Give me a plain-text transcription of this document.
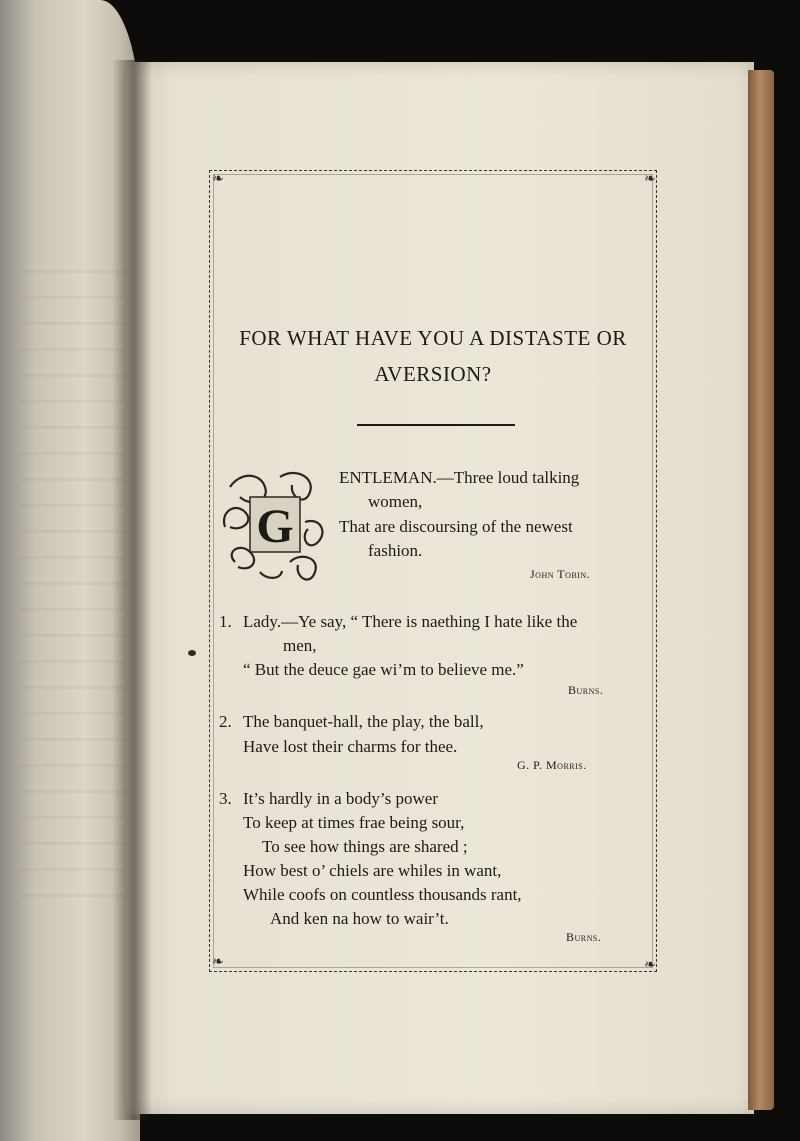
❧	❧
❧	❧
FOR WHAT HAVE YOU A DISTASTE OR AVERSION?
G
ENTLEMAN.—Three loud talking
women,
That are discoursing of the newest
fashion.
John Tobin.
1. Lady.—Ye say, “ There is naething I hate like the
men,
“ But the deuce gae wi’m to believe me.”
Burns.
2. The banquet-hall, the play, the ball,
Have lost their charms for thee.
G. P. Morris.
3. It’s hardly in a body’s power
To keep at times frae being sour,
To see how things are shared ;
How best o’ chiels are whiles in want,
While coofs on countless thousands rant,
And ken na how to wair’t.
Burns.
